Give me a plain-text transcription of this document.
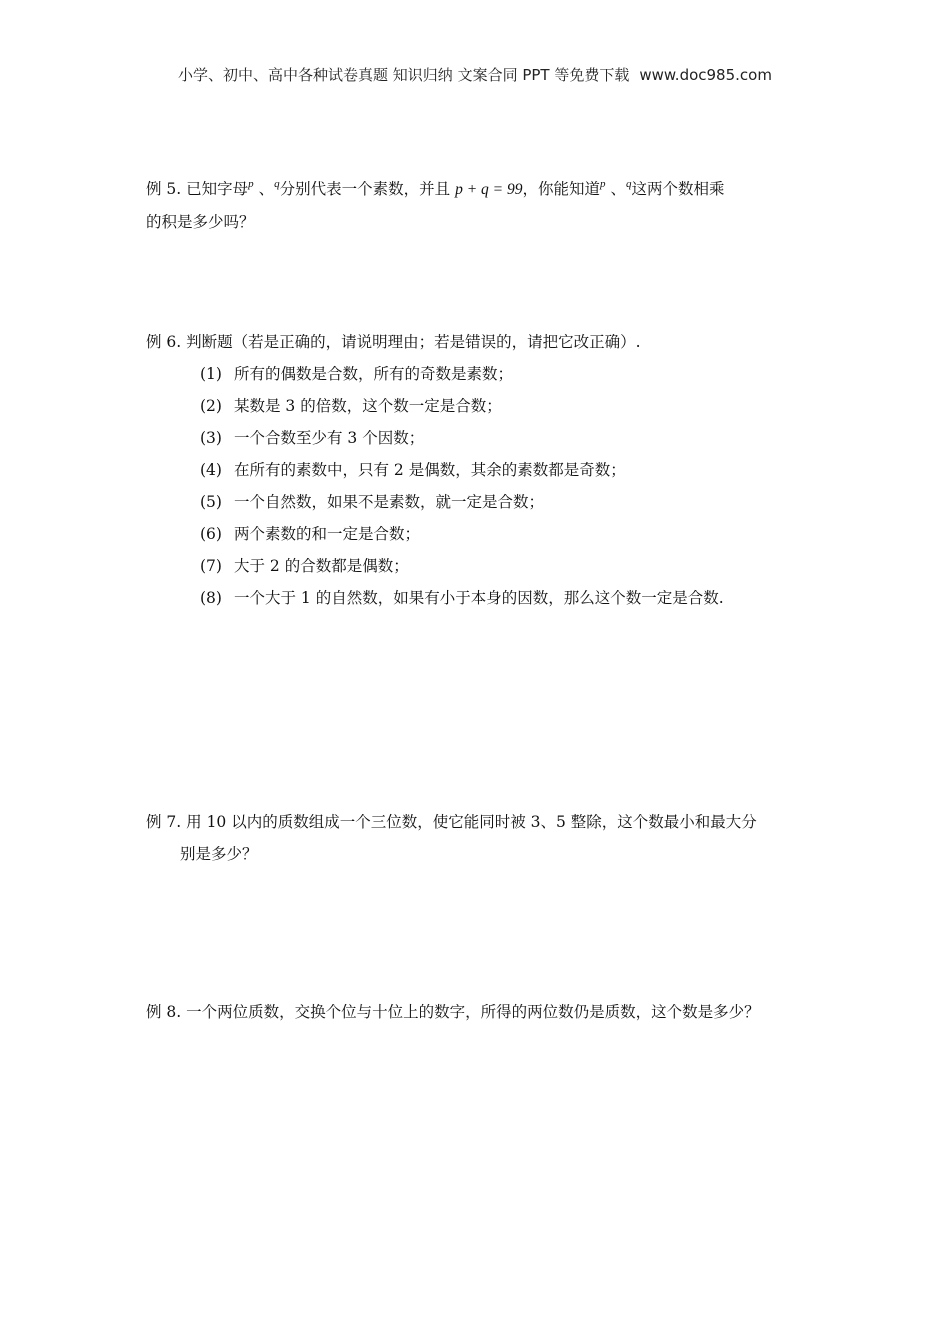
小学、初中、高中各种试卷真题 知识归纳 文案合同 PPT 等免费下载 www.doc985.com
例 5. 已知字母$^p$ 、$^q$分别代表一个素数，并且 p + q = 99，你能知道$^p$ 、$^q$这两个数相乘
的积是多少吗？
例 6. 判断题（若是正确的，请说明理由；若是错误的，请把它改正确）.
(1) 所有的偶数是合数，所有的奇数是素数；
(2) 某数是 3 的倍数，这个数一定是合数；
(3) 一个合数至少有 3 个因数；
(4) 在所有的素数中，只有 2 是偶数，其余的素数都是奇数；
(5) 一个自然数，如果不是素数，就一定是合数；
(6) 两个素数的和一定是合数；
(7) 大于 2 的合数都是偶数；
(8) 一个大于 1 的自然数，如果有小于本身的因数，那么这个数一定是合数.
例 7. 用 10 以内的质数组成一个三位数，使它能同时被 3、5 整除，这个数最小和最大分
别是多少？
例 8. 一个两位质数，交换个位与十位上的数字，所得的两位数仍是质数，这个数是多少？
